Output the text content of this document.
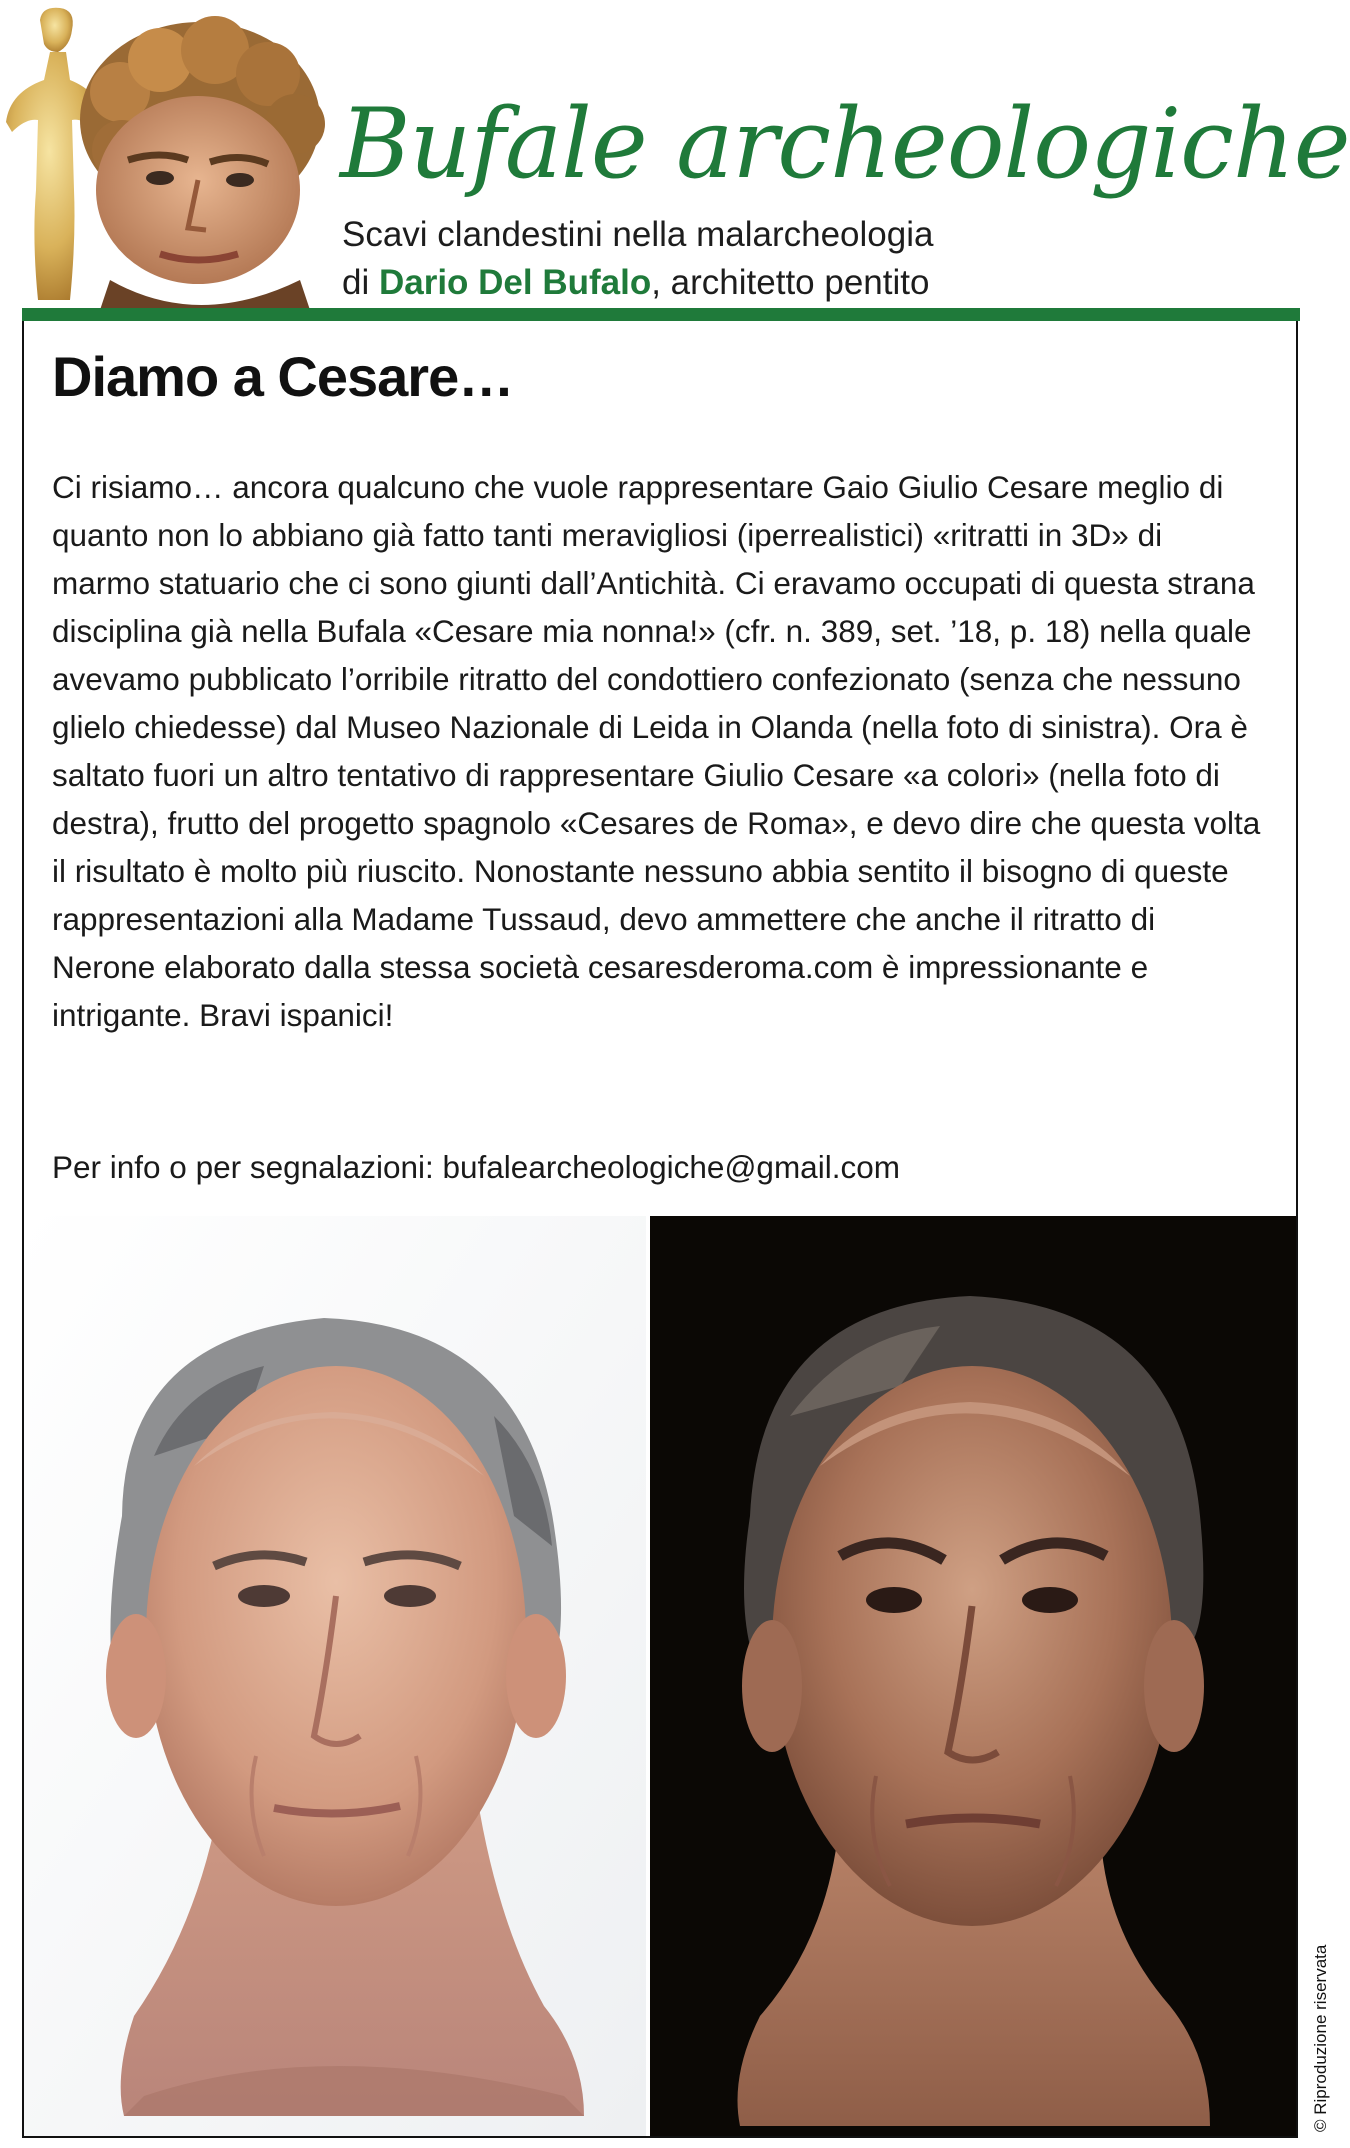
Bufale archeologiche
Scavi clandestini nella malarcheologia
di Dario Del Bufalo, architetto pentito
Diamo a Cesare…

Ci risiamo… ancora qualcuno che vuole rappresentare Gaio Giulio Cesare meglio di quanto non lo abbiano già fatto tanti meravigliosi (iperrealistici) «ritratti in 3D» di marmo statuario che ci sono giunti dall’Antichità. Ci eravamo occupati di questa strana disciplina già nella Bufala «Cesare mia nonna!» (cfr. n. 389, set. ’18, p. 18) nella quale avevamo pubblicato l’orribile ritratto del condottiero confezionato (senza che nessuno glielo chiedesse) dal Museo Nazionale di Leida in Olanda (nella foto di sinistra). Ora è saltato fuori un altro tentativo di rappresentare Giulio Cesare «a colori» (nella foto di destra), frutto del progetto spagnolo «Cesares de Roma», e devo dire che questa volta il risultato è molto più riuscito. Nonostante nessuno abbia sentito il bisogno di queste rappresentazioni alla Madame Tussaud, devo ammettere che anche il ritratto di Nerone elaborato dalla stessa società cesaresderoma.com è impressionante e intrigante. Bravi ispanici!

Per info o per segnalazioni: bufalearcheologiche@gmail.com

© Riproduzione riservata
